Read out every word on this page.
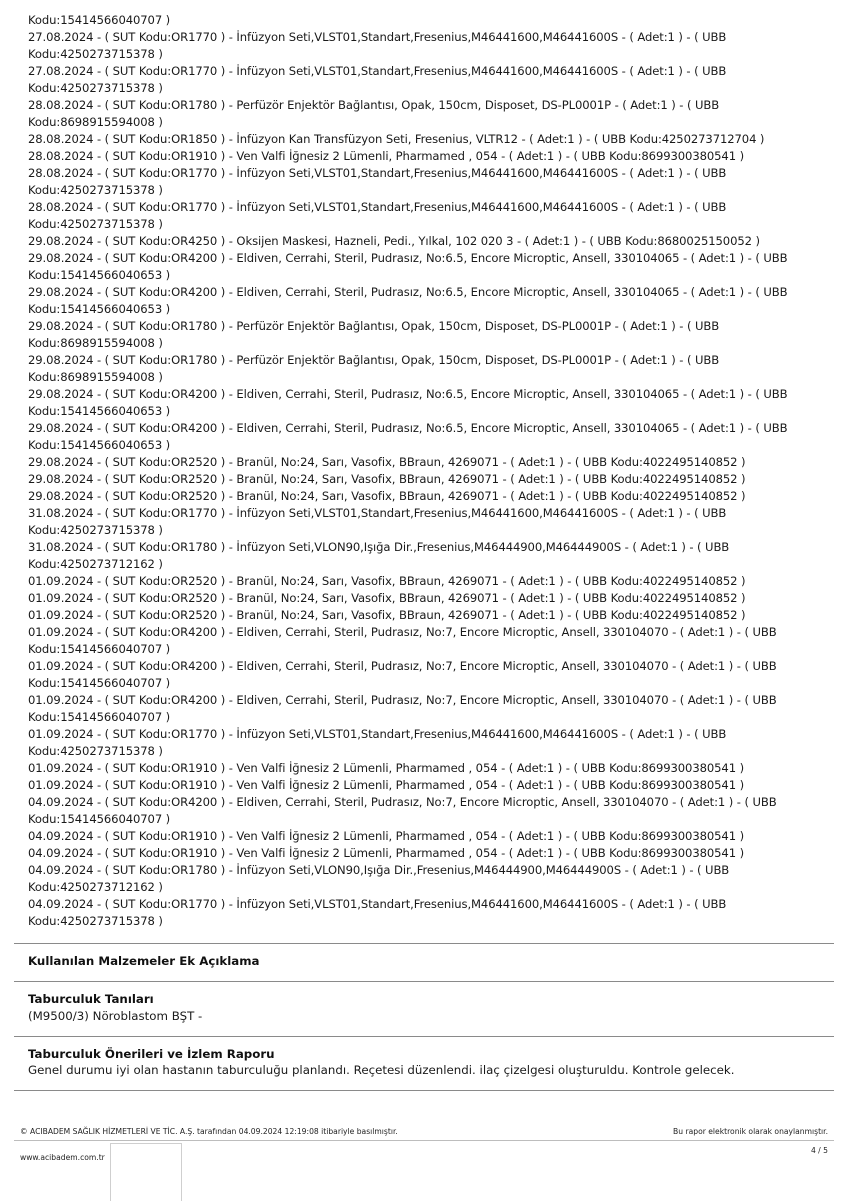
Kodu:15414566040707 )
27.08.2024 - ( SUT Kodu:OR1770 ) - İnfüzyon Seti,VLST01,Standart,Fresenius,M46441600,M46441600S - ( Adet:1 ) - ( UBB
Kodu:4250273715378 )
27.08.2024 - ( SUT Kodu:OR1770 ) - İnfüzyon Seti,VLST01,Standart,Fresenius,M46441600,M46441600S - ( Adet:1 ) - ( UBB
Kodu:4250273715378 )
28.08.2024 - ( SUT Kodu:OR1780 ) - Perfüzör Enjektör Bağlantısı, Opak, 150cm, Disposet, DS-PL0001P - ( Adet:1 ) - ( UBB
Kodu:8698915594008 )
28.08.2024 - ( SUT Kodu:OR1850 ) - İnfüzyon Kan Transfüzyon Seti, Fresenius, VLTR12 - ( Adet:1 ) - ( UBB Kodu:4250273712704 )
28.08.2024 - ( SUT Kodu:OR1910 ) - Ven Valfi İğnesiz 2 Lümenli, Pharmamed , 054 - ( Adet:1 ) - ( UBB Kodu:8699300380541 )
28.08.2024 - ( SUT Kodu:OR1770 ) - İnfüzyon Seti,VLST01,Standart,Fresenius,M46441600,M46441600S - ( Adet:1 ) - ( UBB
Kodu:4250273715378 )
28.08.2024 - ( SUT Kodu:OR1770 ) - İnfüzyon Seti,VLST01,Standart,Fresenius,M46441600,M46441600S - ( Adet:1 ) - ( UBB
Kodu:4250273715378 )
29.08.2024 - ( SUT Kodu:OR4250 ) - Oksijen Maskesi, Hazneli, Pedi., Yılkal, 102 020 3 - ( Adet:1 ) - ( UBB Kodu:8680025150052 )
29.08.2024 - ( SUT Kodu:OR4200 ) - Eldiven, Cerrahi, Steril, Pudrasız, No:6.5, Encore Microptic, Ansell, 330104065 - ( Adet:1 ) - ( UBB
Kodu:15414566040653 )
29.08.2024 - ( SUT Kodu:OR4200 ) - Eldiven, Cerrahi, Steril, Pudrasız, No:6.5, Encore Microptic, Ansell, 330104065 - ( Adet:1 ) - ( UBB
Kodu:15414566040653 )
29.08.2024 - ( SUT Kodu:OR1780 ) - Perfüzör Enjektör Bağlantısı, Opak, 150cm, Disposet, DS-PL0001P - ( Adet:1 ) - ( UBB
Kodu:8698915594008 )
29.08.2024 - ( SUT Kodu:OR1780 ) - Perfüzör Enjektör Bağlantısı, Opak, 150cm, Disposet, DS-PL0001P - ( Adet:1 ) - ( UBB
Kodu:8698915594008 )
29.08.2024 - ( SUT Kodu:OR4200 ) - Eldiven, Cerrahi, Steril, Pudrasız, No:6.5, Encore Microptic, Ansell, 330104065 - ( Adet:1 ) - ( UBB
Kodu:15414566040653 )
29.08.2024 - ( SUT Kodu:OR4200 ) - Eldiven, Cerrahi, Steril, Pudrasız, No:6.5, Encore Microptic, Ansell, 330104065 - ( Adet:1 ) - ( UBB
Kodu:15414566040653 )
29.08.2024 - ( SUT Kodu:OR2520 ) - Branül, No:24, Sarı, Vasofix, BBraun, 4269071 - ( Adet:1 ) - ( UBB Kodu:4022495140852 )
29.08.2024 - ( SUT Kodu:OR2520 ) - Branül, No:24, Sarı, Vasofix, BBraun, 4269071 - ( Adet:1 ) - ( UBB Kodu:4022495140852 )
29.08.2024 - ( SUT Kodu:OR2520 ) - Branül, No:24, Sarı, Vasofix, BBraun, 4269071 - ( Adet:1 ) - ( UBB Kodu:4022495140852 )
31.08.2024 - ( SUT Kodu:OR1770 ) - İnfüzyon Seti,VLST01,Standart,Fresenius,M46441600,M46441600S - ( Adet:1 ) - ( UBB
Kodu:4250273715378 )
31.08.2024 - ( SUT Kodu:OR1780 ) - İnfüzyon Seti,VLON90,Işığa Dir.,Fresenius,M46444900,M46444900S - ( Adet:1 ) - ( UBB
Kodu:4250273712162 )
01.09.2024 - ( SUT Kodu:OR2520 ) - Branül, No:24, Sarı, Vasofix, BBraun, 4269071 - ( Adet:1 ) - ( UBB Kodu:4022495140852 )
01.09.2024 - ( SUT Kodu:OR2520 ) - Branül, No:24, Sarı, Vasofix, BBraun, 4269071 - ( Adet:1 ) - ( UBB Kodu:4022495140852 )
01.09.2024 - ( SUT Kodu:OR2520 ) - Branül, No:24, Sarı, Vasofix, BBraun, 4269071 - ( Adet:1 ) - ( UBB Kodu:4022495140852 )
01.09.2024 - ( SUT Kodu:OR4200 ) - Eldiven, Cerrahi, Steril, Pudrasız, No:7, Encore Microptic, Ansell, 330104070 - ( Adet:1 ) - ( UBB
Kodu:15414566040707 )
01.09.2024 - ( SUT Kodu:OR4200 ) - Eldiven, Cerrahi, Steril, Pudrasız, No:7, Encore Microptic, Ansell, 330104070 - ( Adet:1 ) - ( UBB
Kodu:15414566040707 )
01.09.2024 - ( SUT Kodu:OR4200 ) - Eldiven, Cerrahi, Steril, Pudrasız, No:7, Encore Microptic, Ansell, 330104070 - ( Adet:1 ) - ( UBB
Kodu:15414566040707 )
01.09.2024 - ( SUT Kodu:OR1770 ) - İnfüzyon Seti,VLST01,Standart,Fresenius,M46441600,M46441600S - ( Adet:1 ) - ( UBB
Kodu:4250273715378 )
01.09.2024 - ( SUT Kodu:OR1910 ) - Ven Valfi İğnesiz 2 Lümenli, Pharmamed , 054 - ( Adet:1 ) - ( UBB Kodu:8699300380541 )
01.09.2024 - ( SUT Kodu:OR1910 ) - Ven Valfi İğnesiz 2 Lümenli, Pharmamed , 054 - ( Adet:1 ) - ( UBB Kodu:8699300380541 )
04.09.2024 - ( SUT Kodu:OR4200 ) - Eldiven, Cerrahi, Steril, Pudrasız, No:7, Encore Microptic, Ansell, 330104070 - ( Adet:1 ) - ( UBB
Kodu:15414566040707 )
04.09.2024 - ( SUT Kodu:OR1910 ) - Ven Valfi İğnesiz 2 Lümenli, Pharmamed , 054 - ( Adet:1 ) - ( UBB Kodu:8699300380541 )
04.09.2024 - ( SUT Kodu:OR1910 ) - Ven Valfi İğnesiz 2 Lümenli, Pharmamed , 054 - ( Adet:1 ) - ( UBB Kodu:8699300380541 )
04.09.2024 - ( SUT Kodu:OR1780 ) - İnfüzyon Seti,VLON90,Işığa Dir.,Fresenius,M46444900,M46444900S - ( Adet:1 ) - ( UBB
Kodu:4250273712162 )
04.09.2024 - ( SUT Kodu:OR1770 ) - İnfüzyon Seti,VLST01,Standart,Fresenius,M46441600,M46441600S - ( Adet:1 ) - ( UBB
Kodu:4250273715378 )
Kullanılan Malzemeler Ek Açıklama
Taburculuk Tanıları
(M9500/3) Nöroblastom BŞT -
Taburculuk Önerileri ve İzlem Raporu
Genel durumu iyi olan hastanın taburculuğu planlandı. Reçetesi düzenlendi. ilaç çizelgesi oluşturuldu. Kontrole gelecek.
© ACIBADEM SAĞLIK HİZMETLERİ VE TİC. A.Ş. tarafından 04.09.2024 12:19:08 itibariyle basılmıştır.	Bu rapor elektronik olarak onaylanmıştır.
4 / 5
www.acibadem.com.tr
